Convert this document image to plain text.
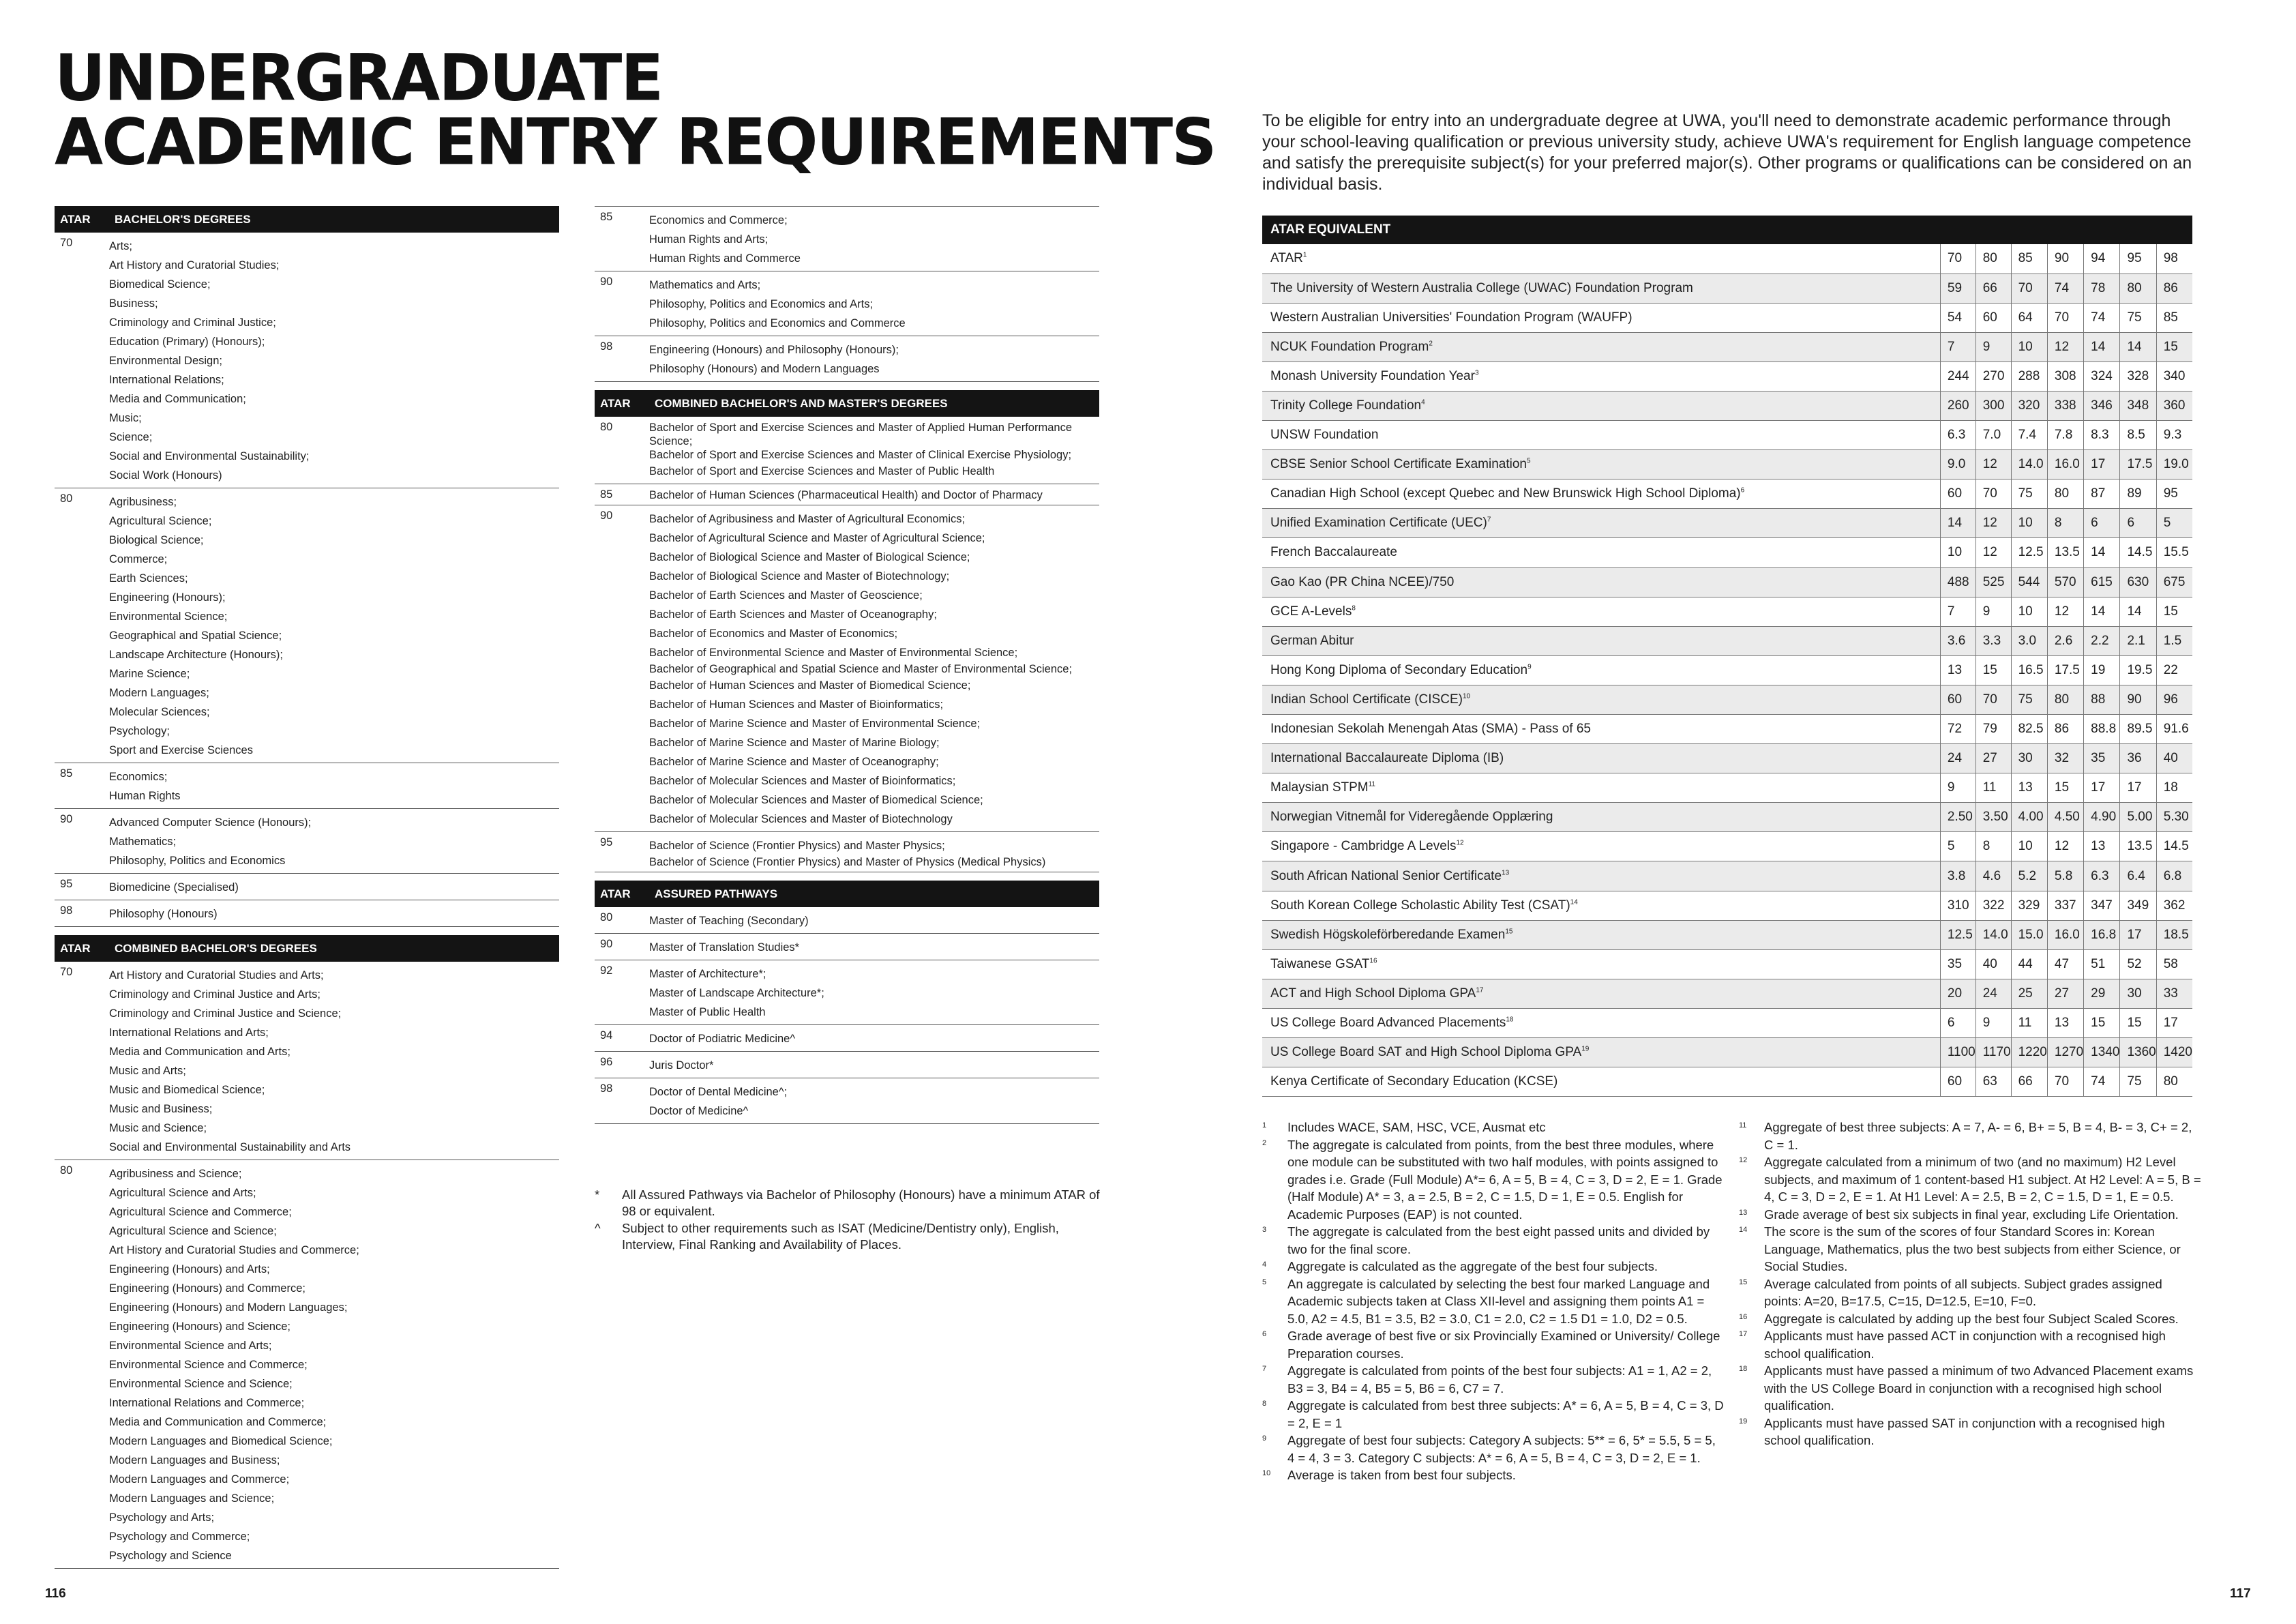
UNDERGRADUATE
ACADEMIC ENTRY REQUIREMENTS	To be eligible for entry into an undergraduate degree at UWA, you'll need to demonstrate academic performance through your school-leaving qualification or previous university study, achieve UWA's requirement for English language competence and satisfy the prerequisite subject(s) for your preferred major(s). Other programs or qualifications can be considered on an individual basis.

ATAR	BACHELOR'S DEGREES
70	Arts;
Art History and Curatorial Studies;
Biomedical Science;
Business;
Criminology and Criminal Justice;
Education (Primary) (Honours);
Environmental Design;
International Relations;
Media and Communication;
Music;
Science;
Social and Environmental Sustainability;
Social Work (Honours)
80	Agribusiness;
Agricultural Science;
Biological Science;
Commerce;
Earth Sciences;
Engineering (Honours);
Environmental Science;
Geographical and Spatial Science;
Landscape Architecture (Honours);
Marine Science;
Modern Languages;
Molecular Sciences;
Psychology;
Sport and Exercise Sciences
85	Economics;
Human Rights
90	Advanced Computer Science (Honours);
Mathematics;
Philosophy, Politics and Economics
95	Biomedicine (Specialised)
98	Philosophy (Honours)
ATAR	COMBINED BACHELOR'S DEGREES
70	Art History and Curatorial Studies and Arts;
Criminology and Criminal Justice and Arts;
Criminology and Criminal Justice and Science;
International Relations and Arts;
Media and Communication and Arts;
Music and Arts;
Music and Biomedical Science;
Music and Business;
Music and Science;
Social and Environmental Sustainability and Arts
80	Agribusiness and Science;
Agricultural Science and Arts;
Agricultural Science and Commerce;
Agricultural Science and Science;
Art History and Curatorial Studies and Commerce;
Engineering (Honours) and Arts;
Engineering (Honours) and Commerce;
Engineering (Honours) and Modern Languages;
Engineering (Honours) and Science;
Environmental Science and Arts;
Environmental Science and Commerce;
Environmental Science and Science;
International Relations and Commerce;
Media and Communication and Commerce;
Modern Languages and Biomedical Science;
Modern Languages and Business;
Modern Languages and Commerce;
Modern Languages and Science;
Psychology and Arts;
Psychology and Commerce;
Psychology and Science
85	Economics and Commerce;
Human Rights and Arts;
Human Rights and Commerce
90	Mathematics and Arts;
Philosophy, Politics and Economics and Arts;
Philosophy, Politics and Economics and Commerce
98	Engineering (Honours) and Philosophy (Honours);
Philosophy (Honours) and Modern Languages
ATAR	COMBINED BACHELOR'S AND MASTER'S DEGREES
80	Bachelor of Sport and Exercise Sciences and Master of Applied Human Performance Science;
Bachelor of Sport and Exercise Sciences and Master of Clinical Exercise Physiology;
Bachelor of Sport and Exercise Sciences and Master of Public Health
85	Bachelor of Human Sciences (Pharmaceutical Health) and Doctor of Pharmacy
90	Bachelor of Agribusiness and Master of Agricultural Economics;
Bachelor of Agricultural Science and Master of Agricultural Science;
Bachelor of Biological Science and Master of Biological Science;
Bachelor of Biological Science and Master of Biotechnology;
Bachelor of Earth Sciences and Master of Geoscience;
Bachelor of Earth Sciences and Master of Oceanography;
Bachelor of Economics and Master of Economics;
Bachelor of Environmental Science and Master of Environmental Science;
Bachelor of Geographical and Spatial Science and Master of Environmental Science;
Bachelor of Human Sciences and Master of Biomedical Science;
Bachelor of Human Sciences and Master of Bioinformatics;
Bachelor of Marine Science and Master of Environmental Science;
Bachelor of Marine Science and Master of Marine Biology;
Bachelor of Marine Science and Master of Oceanography;
Bachelor of Molecular Sciences and Master of Bioinformatics;
Bachelor of Molecular Sciences and Master of Biomedical Science;
Bachelor of Molecular Sciences and Master of Biotechnology
95	Bachelor of Science (Frontier Physics) and Master Physics;
Bachelor of Science (Frontier Physics) and Master of Physics (Medical Physics)
ATAR	ASSURED PATHWAYS
80	Master of Teaching (Secondary)
90	Master of Translation Studies*
92	Master of Architecture*;
Master of Landscape Architecture*;
Master of Public Health
94	Doctor of Podiatric Medicine^
96	Juris Doctor*
98	Doctor of Dental Medicine^;
Doctor of Medicine^
*	All Assured Pathways via Bachelor of Philosophy (Honours) have a minimum ATAR of 98 or equivalent.
^	Subject to other requirements such as ISAT (Medicine/Dentistry only), English, Interview, Final Ranking and Availability of Places.
ATAR EQUIVALENT							
ATAR$^1$	70	80	85	90	94	95	98
The University of Western Australia College (UWAC) Foundation Program	59	66	70	74	78	80	86
Western Australian Universities' Foundation Program (WAUFP)	54	60	64	70	74	75	85
NCUK Foundation Program$^2$	7	9	10	12	14	14	15
Monash University Foundation Year$^3$	244	270	288	308	324	328	340
Trinity College Foundation$^4$	260	300	320	338	346	348	360
UNSW Foundation	6.3	7.0	7.4	7.8	8.3	8.5	9.3
CBSE Senior School Certificate Examination$^5$	9.0	12	14.0	16.0	17	17.5	19.0
Canadian High School (except Quebec and New Brunswick High School Diploma)$^6$	60	70	75	80	87	89	95
Unified Examination Certificate (UEC)$^7$	14	12	10	8	6	6	5
French Baccalaureate	10	12	12.5	13.5	14	14.5	15.5
Gao Kao (PR China NCEE)/750	488	525	544	570	615	630	675
GCE A-Levels$^8$	7	9	10	12	14	14	15
German Abitur	3.6	3.3	3.0	2.6	2.2	2.1	1.5
Hong Kong Diploma of Secondary Education$^9$	13	15	16.5	17.5	19	19.5	22
Indian School Certificate (CISCE)$^{10}$	60	70	75	80	88	90	96
Indonesian Sekolah Menengah Atas (SMA) - Pass of 65	72	79	82.5	86	88.8	89.5	91.6
International Baccalaureate Diploma (IB)	24	27	30	32	35	36	40
Malaysian STPM$^{11}$	9	11	13	15	17	17	18
Norwegian Vitnemål for Videregående Opplæring	2.50	3.50	4.00	4.50	4.90	5.00	5.30
Singapore - Cambridge A Levels$^{12}$	5	8	10	12	13	13.5	14.5
South African National Senior Certificate$^{13}$	3.8	4.6	5.2	5.8	6.3	6.4	6.8
South Korean College Scholastic Ability Test (CSAT)$^{14}$	310	322	329	337	347	349	362
Swedish Högskoleförberedande Examen$^{15}$	12.5	14.0	15.0	16.0	16.8	17	18.5
Taiwanese GSAT$^{16}$	35	40	44	47	51	52	58
ACT and High School Diploma GPA$^{17}$	20	24	25	27	29	30	33
US College Board Advanced Placements$^{18}$	6	9	11	13	15	15	17
US College Board SAT and High School Diploma GPA$^{19}$	1100	1170	1220	1270	1340	1360	1420
Kenya Certificate of Secondary Education (KCSE)	60	63	66	70	74	75	80
1	Includes WACE, SAM, HSC, VCE, Ausmat etc
2	The aggregate is calculated from points, from the best three modules, where one module can be substituted with two half modules, with points assigned to grades i.e. Grade (Full Module) A*= 6, A = 5, B = 4, C = 3, D = 2, E = 1. Grade (Half Module) A* = 3, a = 2.5, B = 2, C = 1.5, D = 1, E = 0.5. English for Academic Purposes (EAP) is not counted.
3	The aggregate is calculated from the best eight passed units and divided by two for the final score.
4	Aggregate is calculated as the aggregate of the best four subjects.
5	An aggregate is calculated by selecting the best four marked Language and Academic subjects taken at Class XII-level and assigning them points A1 = 5.0, A2 = 4.5, B1 = 3.5, B2 = 3.0, C1 = 2.0, C2 = 1.5 D1 = 1.0, D2 = 0.5.
6	Grade average of best five or six Provincially Examined or University/ College Preparation courses.
7	Aggregate is calculated from points of the best four subjects: A1 = 1, A2 = 2, B3 = 3, B4 = 4, B5 = 5, B6 = 6, C7 = 7.
8	Aggregate is calculated from best three subjects: A* = 6, A = 5, B = 4, C = 3, D = 2, E = 1
9	Aggregate of best four subjects: Category A subjects: 5** = 6, 5* = 5.5, 5 = 5, 4 = 4, 3 = 3. Category C subjects: A* = 6, A = 5, B = 4, C = 3, D = 2, E = 1.
10	Average is taken from best four subjects.
11	Aggregate of best three subjects: A = 7, A- = 6, B+ = 5, B = 4, B- = 3, C+ = 2, C = 1.
12	Aggregate calculated from a minimum of two (and no maximum) H2 Level subjects, and maximum of 1 content-based H1 subject. At H2 Level: A = 5, B = 4, C = 3, D = 2, E = 1. At H1 Level: A = 2.5, B = 2, C = 1.5, D = 1, E = 0.5.
13	Grade average of best six subjects in final year, excluding Life Orientation.
14	The score is the sum of the scores of four Standard Scores in: Korean Language, Mathematics, plus the two best subjects from either Science, or Social Studies.
15	Average calculated from points of all subjects. Subject grades assigned points: A=20, B=17.5, C=15, D=12.5, E=10, F=0.
16	Aggregate is calculated by adding up the best four Subject Scaled Scores.
17	Applicants must have passed ACT in conjunction with a recognised high school qualification.
18	Applicants must have passed a minimum of two Advanced Placement exams with the US College Board in conjunction with a recognised high school qualification.
19	Applicants must have passed SAT in conjunction with a recognised high school qualification.
116	117
